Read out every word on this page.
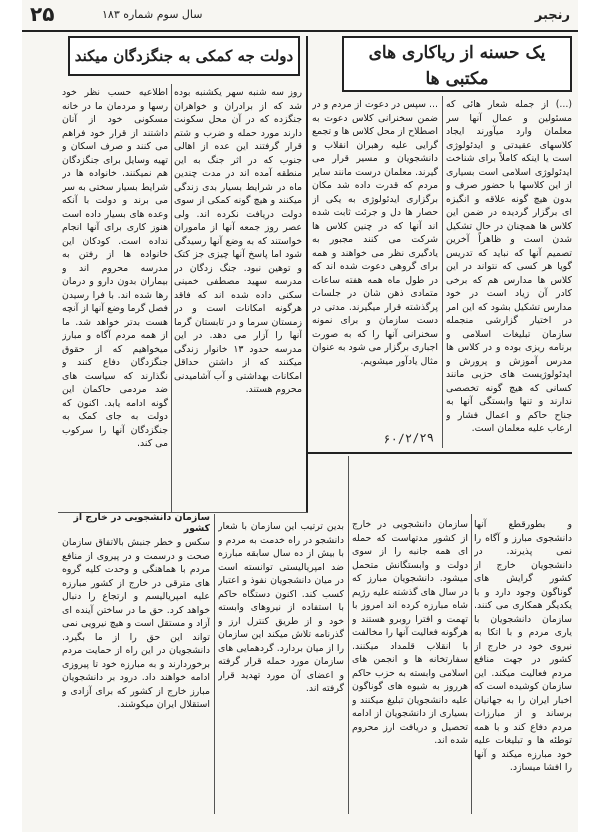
۲۵	سال سوم شماره ۱۸۳	رنجبر
دولت جه کمکی به جنگزدگان میکند	یک حسنه از ریاکاری های
مکتبی ها

(...) از جمله شعار هائی که مسئولین و عمال آنها سر معلمان وارد میآورند ایجاد کلاسهای عقیدتی و ایدئولوژی است یا اینکه کاملاً برای شناخت ایدئولوژی اسلامی است بسیاری از این کلاسها با حضور صرف و بدون هیچ گونه علاقه و انگیزه ای برگزار گردیده در ضمن این کلاس ها همچنان در حال تشکیل شدن است و ظاهراً آخرین تصمیم آنها که نباید که تدریس گویا هر کسی که نتواند در این کلاس ها مدارس هم که برخی کادر آن زیاد است در خود مدارس تشکیل بشود که این امر در اختیار گزارشی منجمله سازمان تبلیغات اسلامی و برنامه ریزی بوده و در کلاس ها مدرس آموزش و پرورش و ایدئولوژیست های حزبی مانند کسانی که هیچ گونه تخصصی ندارند و تنها وابستگی آنها به جناح حاکم و اعمال فشار و ارعاب علیه معلمان است.

... سپس در دعوت از مردم و در ضمن سخنرانی کلاس دعوت به اصطلاح از محل کلاس ها و تجمع گرایی علیه رهبران انقلاب و دانشجویان و مسیر قرار می گیرند. معلمان درست مانند سایر مردم که قدرت داده شد مکان برگزاری ایدئولوژی به یکی از حصار ها دل و جرئت ثابت شده اند آنها که در چنین کلاس ها شرکت می کنند مجبور به یادگیری نظر می خواهند و همه برای گروهی دعوت شده اند که در طول ماه همه هفته ساعات متمادی ذهن شان در جلسات پرگذشته قرار میگیرند. مدتی در دست سازمان و برای نمونه سخنرانی آنها را که به صورت اجباری برگزار می شود به عنوان مثال یادآور میشویم.

روز سه شنبه سهر یکشنبه بوده شد که از برادران و خواهران جنگزده که در آن محل سکونت دارند مورد حمله و ضرب و شتم قرار گرفتند این عده از اهالی جنوب که در اثر جنگ به این منطقه آمده اند در مدت چندین ماه در شرایط بسیار بدی زندگی میکنند و هیچ گونه کمکی از سوی دولت دریافت نکرده اند. ولی عصر روز جمعه آنها از ماموران خواستند که به وضع آنها رسیدگی شود اما پاسخ آنها چیزی جز کتک و توهین نبود. جنگ زدگان در مدرسه سهید مصطفی خمینی سکنی داده شده اند که فاقد هرگونه امکانات است و در زمستان سرما و در تابستان گرما آنها را آزار می دهد. در این مدرسه حدود ۱۳ خانوار زندگی میکنند که از داشتن حداقل امکانات بهداشتی و آب آشامیدنی محروم هستند.

اطلاعیه حسب نظر خود رسها و مردمان ما در خانه مسکونی خود از آنان داشتند از قرار خود فراهم می کنند و صرف اسکان و تهیه وسایل برای جنگزدگان هم نمیکنند. خانواده ها در شرایط بسیار سختی به سر می برند و دولت با آنکه وعده های بسیار داده است هنوز کاری برای آنها انجام نداده است. کودکان این خانواده ها از رفتن به مدرسه محروم اند و بیماران بدون دارو و درمان رها شده اند. با فرا رسیدن فصل گرما وضع آنها از آنچه هست بدتر خواهد شد. ما از همه مردم آگاه و مبارز میخواهیم که از حقوق جنگزدگان دفاع کنند و نگذارند که سیاست های ضد مردمی حاکمان این گونه ادامه یابد. اکنون که دولت به جای کمک به جنگزدگان آنها را سرکوب می کند.	۶۰/۲/۲۹

و بطورقطع آنها دانشجوی مبارز و آگاه را نمی پذیرند. در دانشجویان خارج از کشور گرایش های گوناگون وجود دارد و با یکدیگر همکاری می کنند. سازمان دانشجویان با یاری مردم و با اتکا به نیروی خود در خارج از کشور در جهت منافع مردم فعالیت میکند. این سازمان کوشیده است که اخبار ایران را به جهانیان برساند و از مبارزات مردم دفاع کند و با همه توطئه ها و تبلیغات علیه خود مبارزه میکند و آنها را افشا میسازد.

سازمان دانشجویی در خارج از کشور مدتهاست که حمله ای همه جانبه را از سوی دولت و وابستگانش متحمل میشود. دانشجویان مبارز که در سال های گذشته علیه رژیم شاه مبارزه کرده اند امروز با تهمت و افترا روبرو هستند و هرگونه فعالیت آنها را مخالفت با انقلاب قلمداد میکنند. سفارتخانه ها و انجمن های اسلامی وابسته به حزب حاکم هرروز به شیوه های گوناگون علیه دانشجویان تبلیغ میکنند و بسیاری از دانشجویان از ادامه تحصیل و دریافت ارز محروم شده اند.

بدین ترتیب این سازمان با شعار دانشجو در راه خدمت به مردم و با بیش از ده سال سابقه مبارزه ضد امپریالیستی توانسته است در میان دانشجویان نفوذ و اعتبار کسب کند. اکنون دستگاه حاکم با استفاده از نیروهای وابسته خود و از طریق کنترل ارز و گذرنامه تلاش میکند این سازمان را از میان بردارد. گردهمایی های سازمان مورد حمله قرار گرفته و اعضای آن مورد تهدید قرار گرفته اند.

سازمان دانشجویی در خارج از کشور

سکس و خطر جنبش بالاتفاق سازمان صحت و درسمت و در پیروی از منافع مردم با هماهنگی و وحدت کلیه گروه های مترقی در خارج از کشور مبارزه علیه امپریالیسم و ارتجاع را دنبال خواهد کرد. حق ما در ساختن آینده ای آزاد و مستقل است و هیچ نیرویی نمی تواند این حق را از ما بگیرد. دانشجویان در این راه از حمایت مردم برخوردارند و به مبارزه خود تا پیروزی ادامه خواهند داد. درود بر دانشجویان مبارز خارج از کشور که برای آزادی و استقلال ایران میکوشند.
